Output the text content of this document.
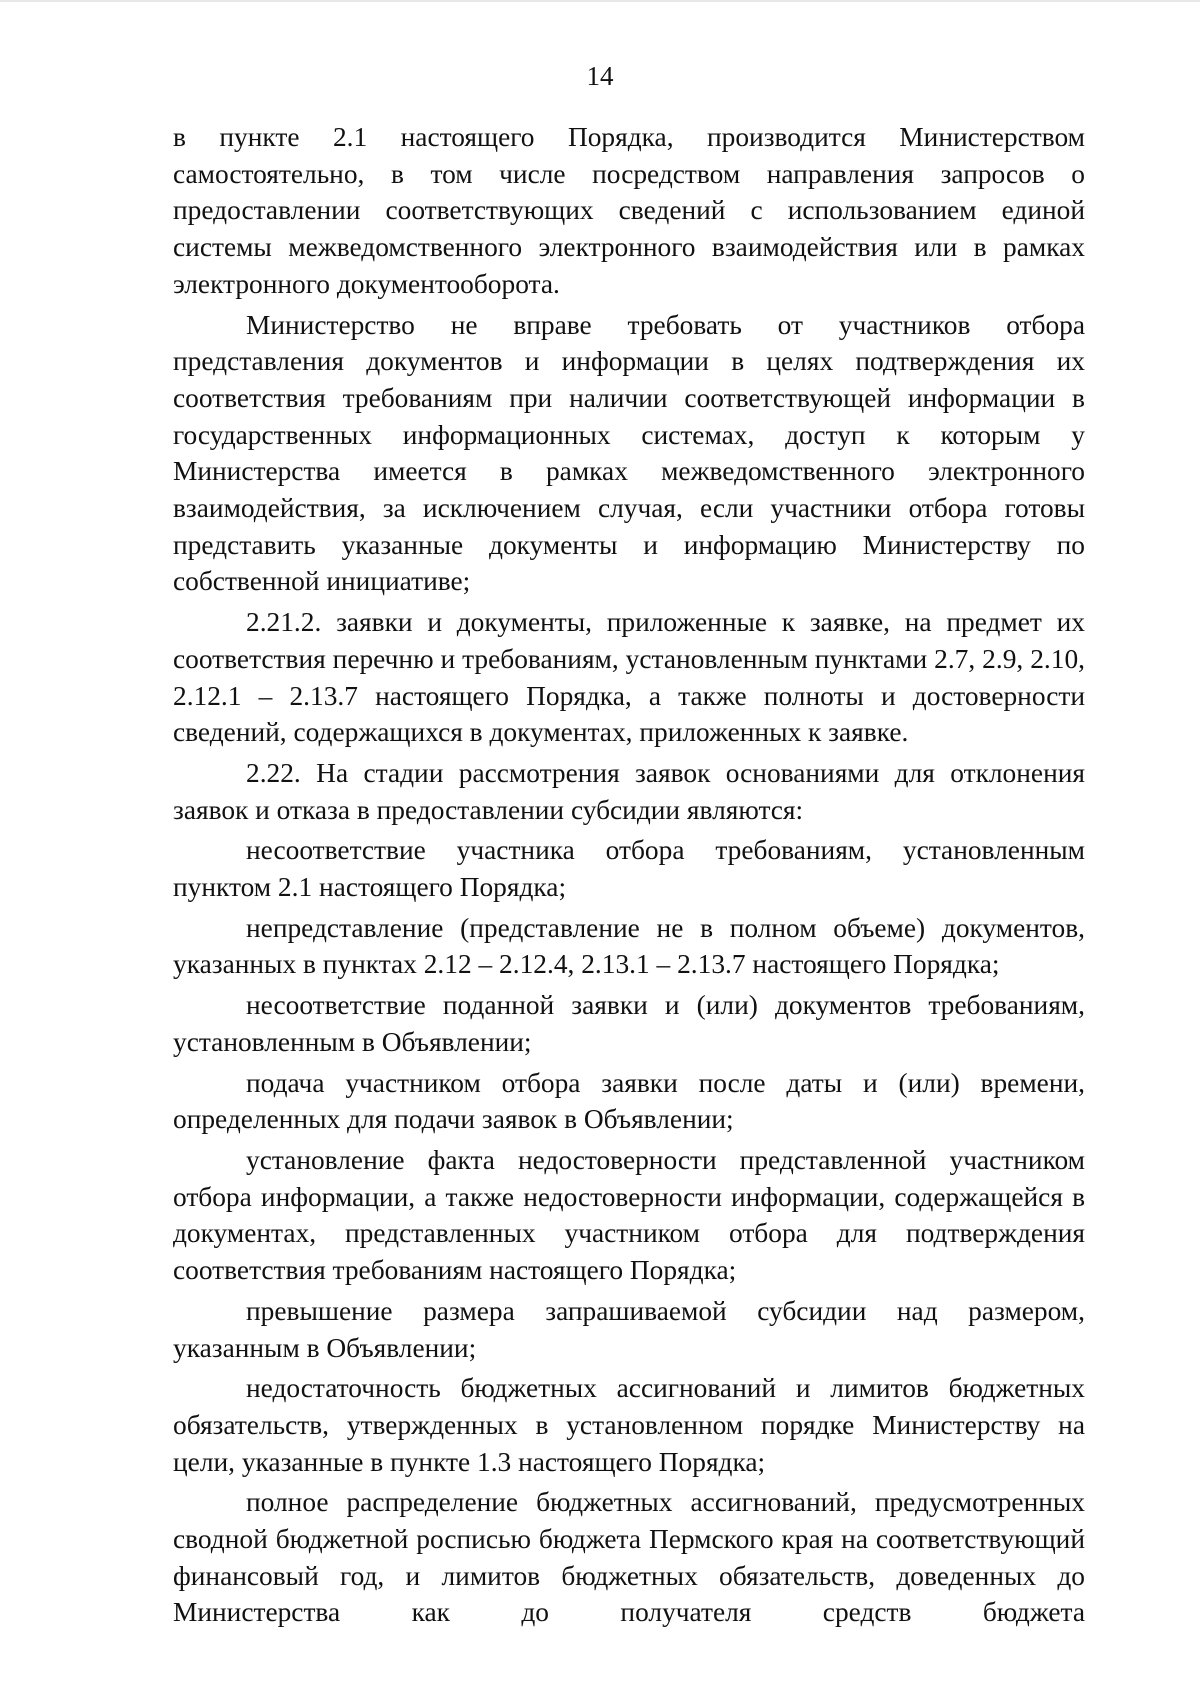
14

в пункте 2.1 настоящего Порядка, производится Министерством самостоятельно, в том числе посредством направления запросов о предоставлении соответствующих сведений с использованием единой системы межведомственного электронного взаимодействия или в рамках электронного документооборота.

Министерство не вправе требовать от участников отбора представления документов и информации в целях подтверждения их соответствия требованиям при наличии соответствующей информации в государственных информационных системах, доступ к которым у Министерства имеется в рамках межведомственного электронного взаимодействия, за исключением случая, если участники отбора готовы представить указанные документы и информацию Министерству по собственной инициативе;

2.21.2. заявки и документы, приложенные к заявке, на предмет их соответствия перечню и требованиям, установленным пунктами 2.7, 2.9, 2.10, 2.12.1 – 2.13.7 настоящего Порядка, а также полноты и достоверности сведений, содержащихся в документах, приложенных к заявке.

2.22. На стадии рассмотрения заявок основаниями для отклонения заявок и отказа в предоставлении субсидии являются:

несоответствие участника отбора требованиям, установленным пунктом 2.1 настоящего Порядка;

непредставление (представление не в полном объеме) документов, указанных в пунктах 2.12 – 2.12.4, 2.13.1 – 2.13.7 настоящего Порядка;

несоответствие поданной заявки и (или) документов требованиям, установленным в Объявлении;

подача участником отбора заявки после даты и (или) времени, определенных для подачи заявок в Объявлении;

установление факта недостоверности представленной участником отбора информации, а также недостоверности информации, содержащейся в документах, представленных участником отбора для подтверждения соответствия требованиям настоящего Порядка;

превышение размера запрашиваемой субсидии над размером, указанным в Объявлении;

недостаточность бюджетных ассигнований и лимитов бюджетных обязательств, утвержденных в установленном порядке Министерству на цели, указанные в пункте 1.3 настоящего Порядка;

полное распределение бюджетных ассигнований, предусмотренных сводной бюджетной росписью бюджета Пермского края на соответствующий финансовый год, и лимитов бюджетных обязательств, доведенных до Министерства как до получателя средств бюджета
